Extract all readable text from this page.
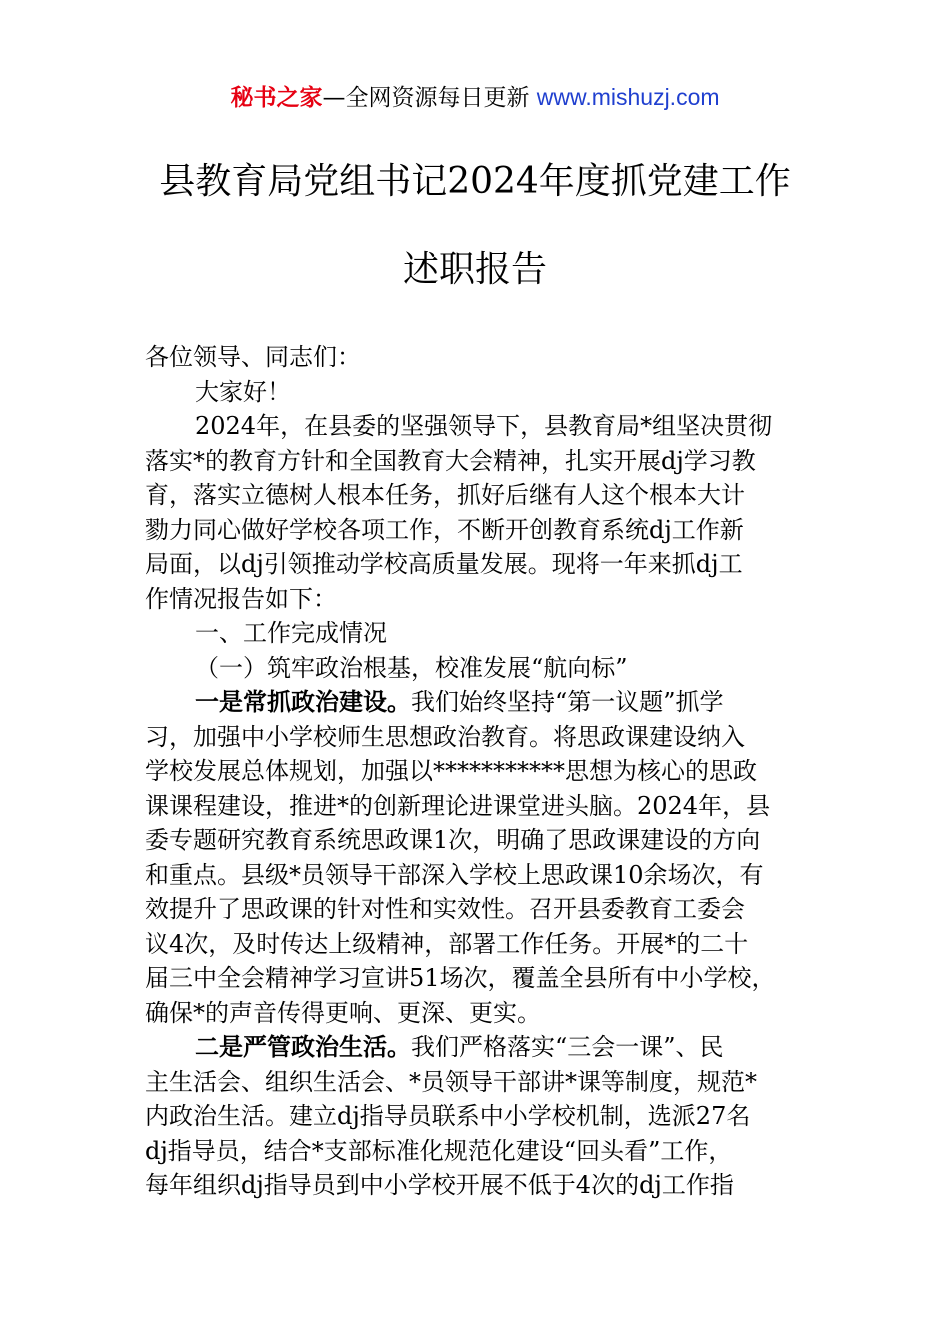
秘书之家—全网资源每日更新 www.mishuzj.com
县教育局党组书记2024年度抓党建工作
述职报告

各位领导、同志们：

大家好！

2024年，在县委的坚强领导下，县教育局*组坚决贯彻

落实*的教育方针和全国教育大会精神，扎实开展dj学习教

育，落实立德树人根本任务，抓好后继有人这个根本大计

勠力同心做好学校各项工作，不断开创教育系统dj工作新

局面，以dj引领推动学校高质量发展。现将一年来抓dj工

作情况报告如下：

一、工作完成情况

（一）筑牢政治根基，校准发展“航向标”

一是常抓政治建设。我们始终坚持“第一议题”抓学

习，加强中小学校师生思想政治教育。将思政课建设纳入

学校发展总体规划，加强以***********思想为核心的思政

课课程建设，推进*的创新理论进课堂进头脑。2024年，县

委专题研究教育系统思政课1次，明确了思政课建设的方向

和重点。县级*员领导干部深入学校上思政课10余场次，有

效提升了思政课的针对性和实效性。召开县委教育工委会

议4次，及时传达上级精神，部署工作任务。开展*的二十

届三中全会精神学习宣讲51场次，覆盖全县所有中小学校，

确保*的声音传得更响、更深、更实。

二是严管政治生活。我们严格落实“三会一课”、民

主生活会、组织生活会、*员领导干部讲*课等制度，规范*

内政治生活。建立dj指导员联系中小学校机制，选派27名

dj指导员，结合*支部标准化规范化建设“回头看”工作，

每年组织dj指导员到中小学校开展不低于4次的dj工作指
